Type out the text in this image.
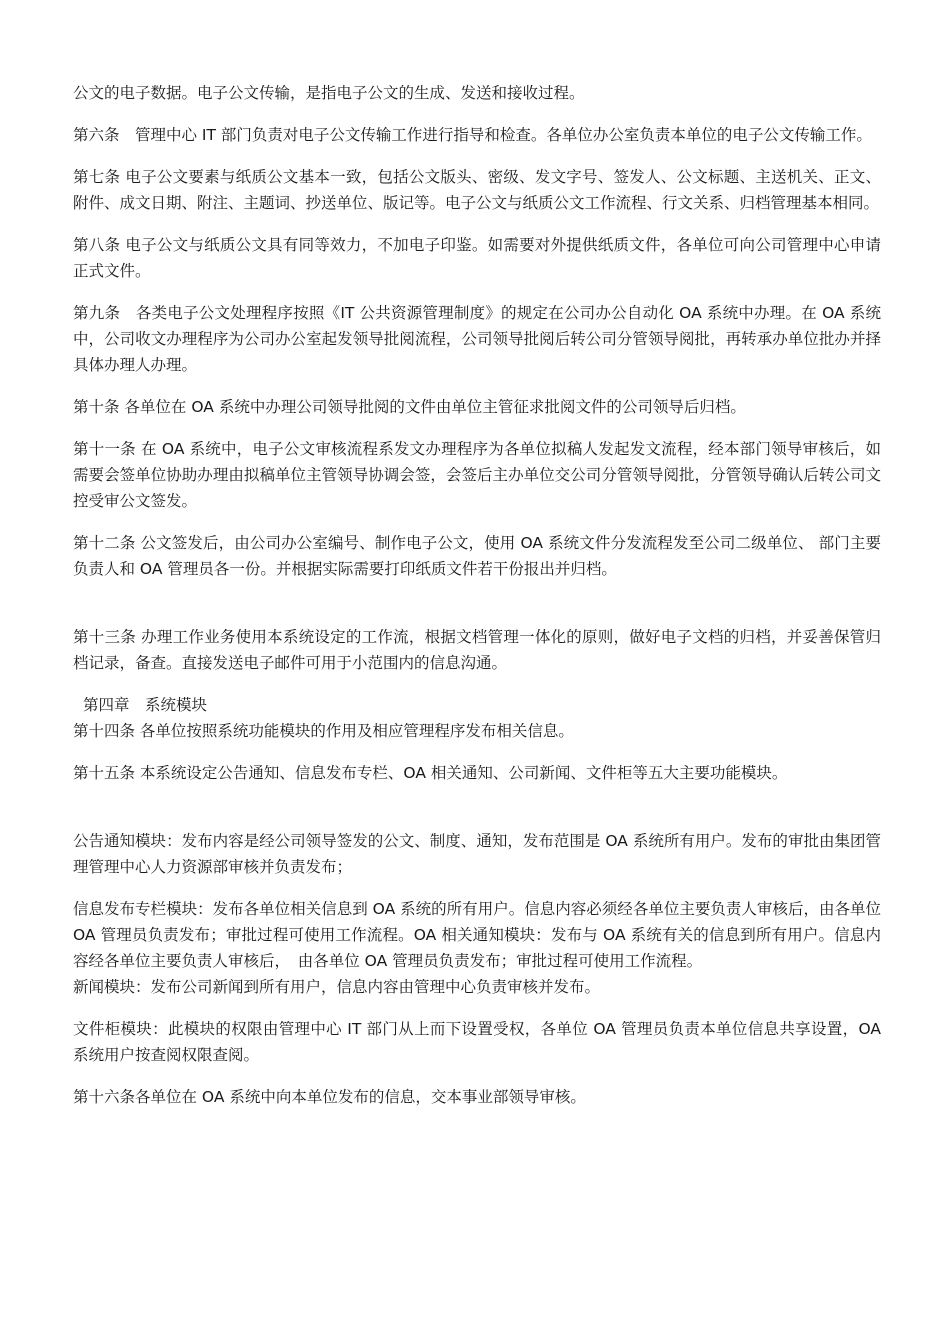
公文的电子数据。电子公文传输，是指电子公文的生成、发送和接收过程。

第六条　管理中心 IT 部门负责对电子公文传输工作进行指导和检查。各单位办公室负责本单位的电子公文传输工作。

第七条 电子公文要素与纸质公文基本一致，包括公文版头、密级、发文字号、签发人、公文标题、主送机关、正文、附件、成文日期、附注、主题词、抄送单位、版记等。电子公文与纸质公文工作流程、行文关系、归档管理基本相同。

第八条 电子公文与纸质公文具有同等效力，不加电子印鉴。如需要对外提供纸质文件，各单位可向公司管理中心申请正式文件。

第九条　各类电子公文处理程序按照《IT 公共资源管理制度》的规定在公司办公自动化 OA 系统中办理。在 OA 系统中，公司收文办理程序为公司办公室起发领导批阅流程，公司领导批阅后转公司分管领导阅批，再转承办单位批办并择具体办理人办理。

第十条 各单位在 OA 系统中办理公司领导批阅的文件由单位主管征求批阅文件的公司领导后归档。

第十一条 在 OA 系统中，电子公文审核流程系发文办理程序为各单位拟稿人发起发文流程，经本部门领导审核后，如需要会签单位协助办理由拟稿单位主管领导协调会签，会签后主办单位交公司分管领导阅批，分管领导确认后转公司文控受审公文签发。

第十二条 公文签发后，由公司办公室编号、制作电子公文，使用 OA 系统文件分发流程发至公司二级单位、 部门主要负责人和 OA 管理员各一份。并根据实际需要打印纸质文件若干份报出并归档。

第十三条 办理工作业务使用本系统设定的工作流，根据文档管理一体化的原则，做好电子文档的归档，并妥善保管归档记录，备查。直接发送电子邮件可用于小范围内的信息沟通。

第四章　系统模块

第十四条 各单位按照系统功能模块的作用及相应管理程序发布相关信息。

第十五条 本系统设定公告通知、信息发布专栏、OA 相关通知、公司新闻、文件柜等五大主要功能模块。

公告通知模块：发布内容是经公司领导签发的公文、制度、通知，发布范围是 OA 系统所有用户。发布的审批由集团管理管理中心人力资源部审核并负责发布；

信息发布专栏模块：发布各单位相关信息到 OA 系统的所有用户。信息内容必须经各单位主要负责人审核后，由各单位 OA 管理员负责发布；审批过程可使用工作流程。OA 相关通知模块：发布与 OA 系统有关的信息到所有用户。信息内容经各单位主要负责人审核后，　由各单位 OA 管理员负责发布；审批过程可使用工作流程。

新闻模块：发布公司新闻到所有用户，信息内容由管理中心负责审核并发布。

文件柜模块：此模块的权限由管理中心 IT 部门从上而下设置受权，各单位 OA 管理员负责本单位信息共享设置，OA 系统用户按查阅权限查阅。

第十六条各单位在 OA 系统中向本单位发布的信息，交本事业部领导审核。
